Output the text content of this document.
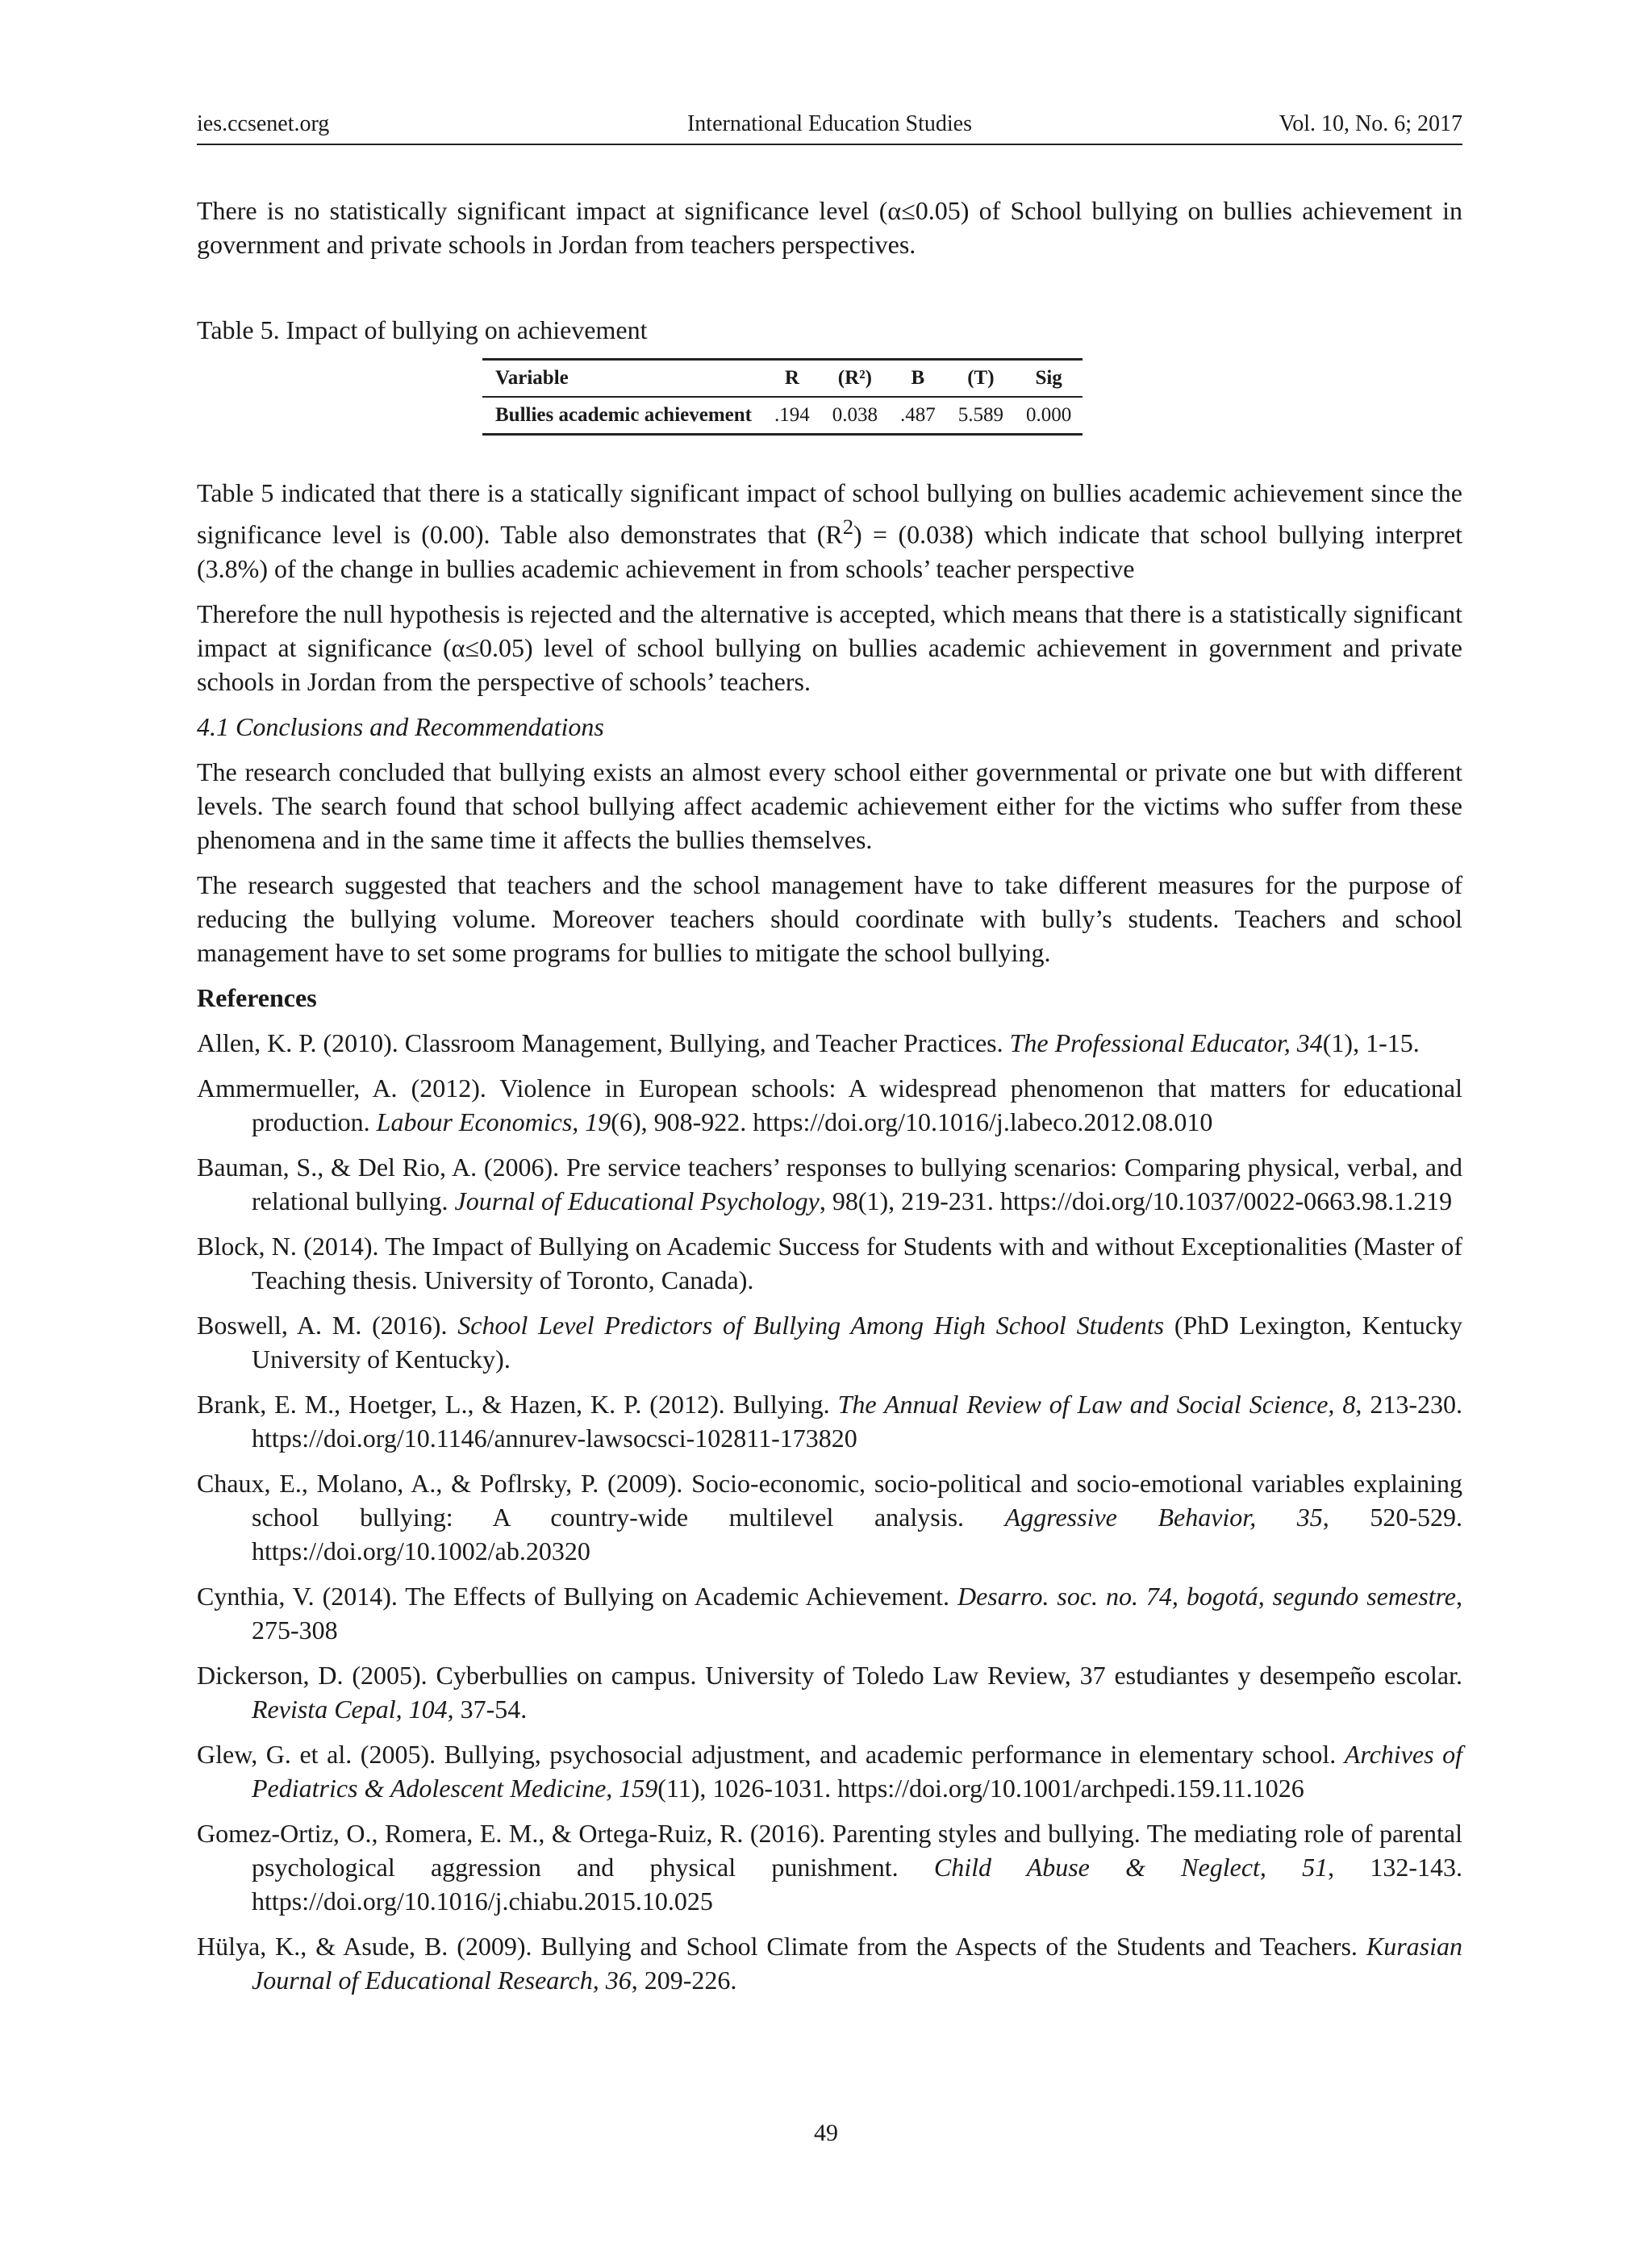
ies.ccsenet.org	International Education Studies	Vol. 10, No. 6; 2017

There is no statistically significant impact at significance level (α≤0.05) of School bullying on bullies achievement in government and private schools in Jordan from teachers perspectives.

Table 5. Impact of bullying on achievement

Variable	R	(R²)	B	(T)	Sig
Bullies academic achievement	.194	0.038	.487	5.589	0.000

Table 5 indicated that there is a statically significant impact of school bullying on bullies academic achievement since the significance level is (0.00). Table also demonstrates that $(R^2) = (0.038)$ which indicate that school bullying interpret (3.8%) of the change in bullies academic achievement in from schools’ teacher perspective

Therefore the null hypothesis is rejected and the alternative is accepted, which means that there is a statistically significant impact at significance (α≤0.05) level of school bullying on bullies academic achievement in government and private schools in Jordan from the perspective of schools’ teachers.

4.1 Conclusions and Recommendations

The research concluded that bullying exists an almost every school either governmental or private one but with different levels. The search found that school bullying affect academic achievement either for the victims who suffer from these phenomena and in the same time it affects the bullies themselves.

The research suggested that teachers and the school management have to take different measures for the purpose of reducing the bullying volume. Moreover teachers should coordinate with bully’s students. Teachers and school management have to set some programs for bullies to mitigate the school bullying.

References

Allen, K. P. (2010). Classroom Management, Bullying, and Teacher Practices. The Professional Educator, 34(1), 1-15.

Ammermueller, A. (2012). Violence in European schools: A widespread phenomenon that matters for educational production. Labour Economics, 19(6), 908-922. https://doi.org/10.1016/j.labeco.2012.08.010

Bauman, S., & Del Rio, A. (2006). Pre service teachers’ responses to bullying scenarios: Comparing physical, verbal, and relational bullying. Journal of Educational Psychology, 98(1), 219-231. https://doi.org/10.1037/0022-0663.98.1.219

Block, N. (2014). The Impact of Bullying on Academic Success for Students with and without Exceptionalities (Master of Teaching thesis. University of Toronto, Canada).

Boswell, A. M. (2016). School Level Predictors of Bullying Among High School Students (PhD Lexington, Kentucky University of Kentucky).

Brank, E. M., Hoetger, L., & Hazen, K. P. (2012). Bullying. The Annual Review of Law and Social Science, 8, 213-230. https://doi.org/10.1146/annurev-lawsocsci-102811-173820

Chaux, E., Molano, A., & Poflrsky, P. (2009). Socio-economic, socio-political and socio-emotional variables explaining school bullying: A country-wide multilevel analysis. Aggressive Behavior, 35, 520-529. https://doi.org/10.1002/ab.20320

Cynthia, V. (2014). The Effects of Bullying on Academic Achievement. Desarro. soc. no. 74, bogotá, segundo semestre, 275-308

Dickerson, D. (2005). Cyberbullies on campus. University of Toledo Law Review, 37 estudiantes y desempeño escolar. Revista Cepal, 104, 37-54.

Glew, G. et al. (2005). Bullying, psychosocial adjustment, and academic performance in elementary school. Archives of Pediatrics & Adolescent Medicine, 159(11), 1026-1031. https://doi.org/10.1001/archpedi.159.11.1026

Gomez-Ortiz, O., Romera, E. M., & Ortega-Ruiz, R. (2016). Parenting styles and bullying. The mediating role of parental psychological aggression and physical punishment. Child Abuse & Neglect, 51, 132-143. https://doi.org/10.1016/j.chiabu.2015.10.025

Hülya, K., & Asude, B. (2009). Bullying and School Climate from the Aspects of the Students and Teachers. Kurasian Journal of Educational Research, 36, 209-226.

49
